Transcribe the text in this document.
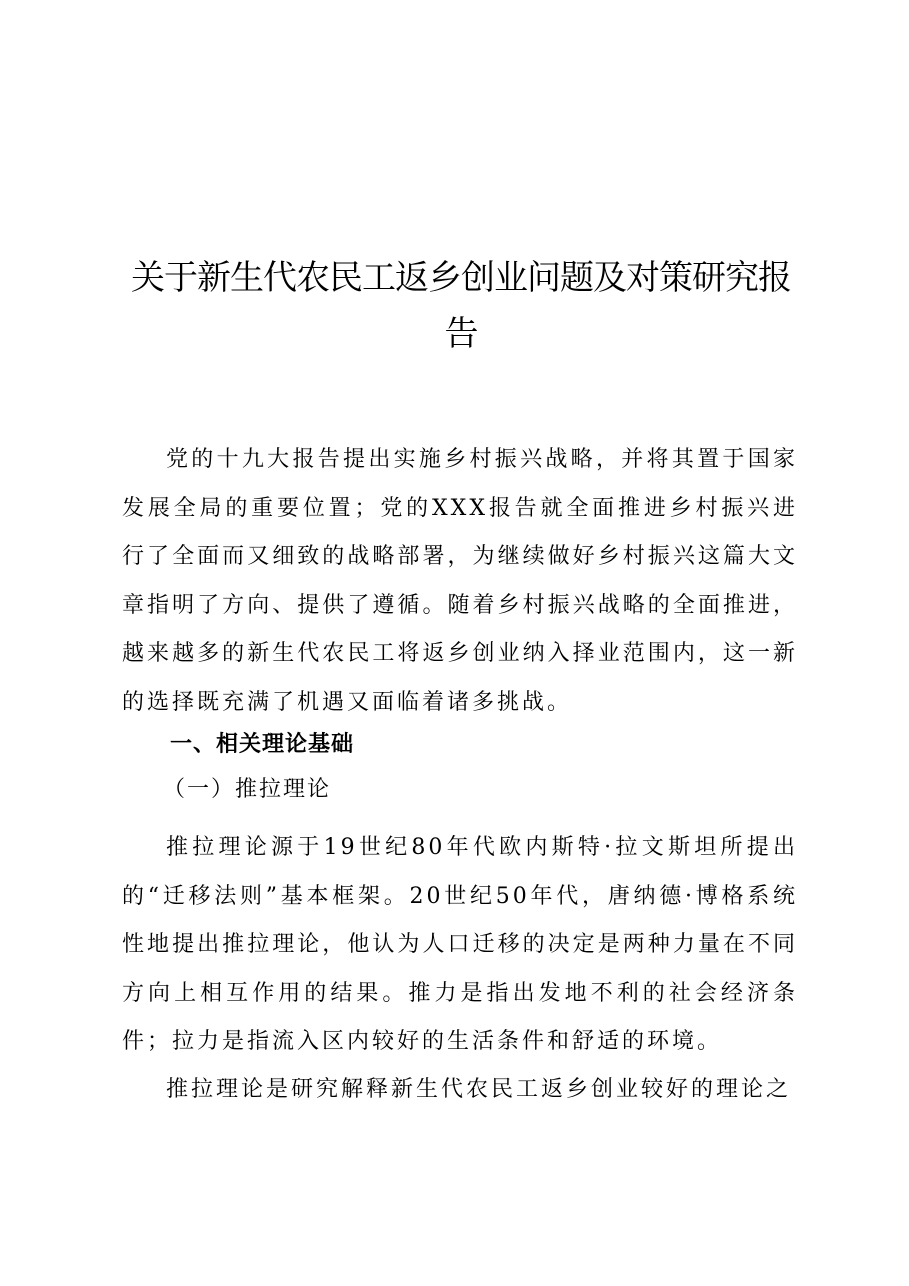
关于新生代农民工返乡创业问题及对策研究报告

党的十九大报告提出实施乡村振兴战略，并将其置于国家发展全局的重要位置；党的XXX报告就全面推进乡村振兴进行了全面而又细致的战略部署，为继续做好乡村振兴这篇大文章指明了方向、提供了遵循。随着乡村振兴战略的全面推进，越来越多的新生代农民工将返乡创业纳入择业范围内，这一新的选择既充满了机遇又面临着诸多挑战。

一、相关理论基础

（一）推拉理论

推拉理论源于19世纪80年代欧内斯特·拉文斯坦所提出的“迁移法则”基本框架。20世纪50年代，唐纳德·博格系统性地提出推拉理论，他认为人口迁移的决定是两种力量在不同方向上相互作用的结果。推力是指出发地不利的社会经济条件；拉力是指流入区内较好的生活条件和舒适的环境。

推拉理论是研究解释新生代农民工返乡创业较好的理论之
